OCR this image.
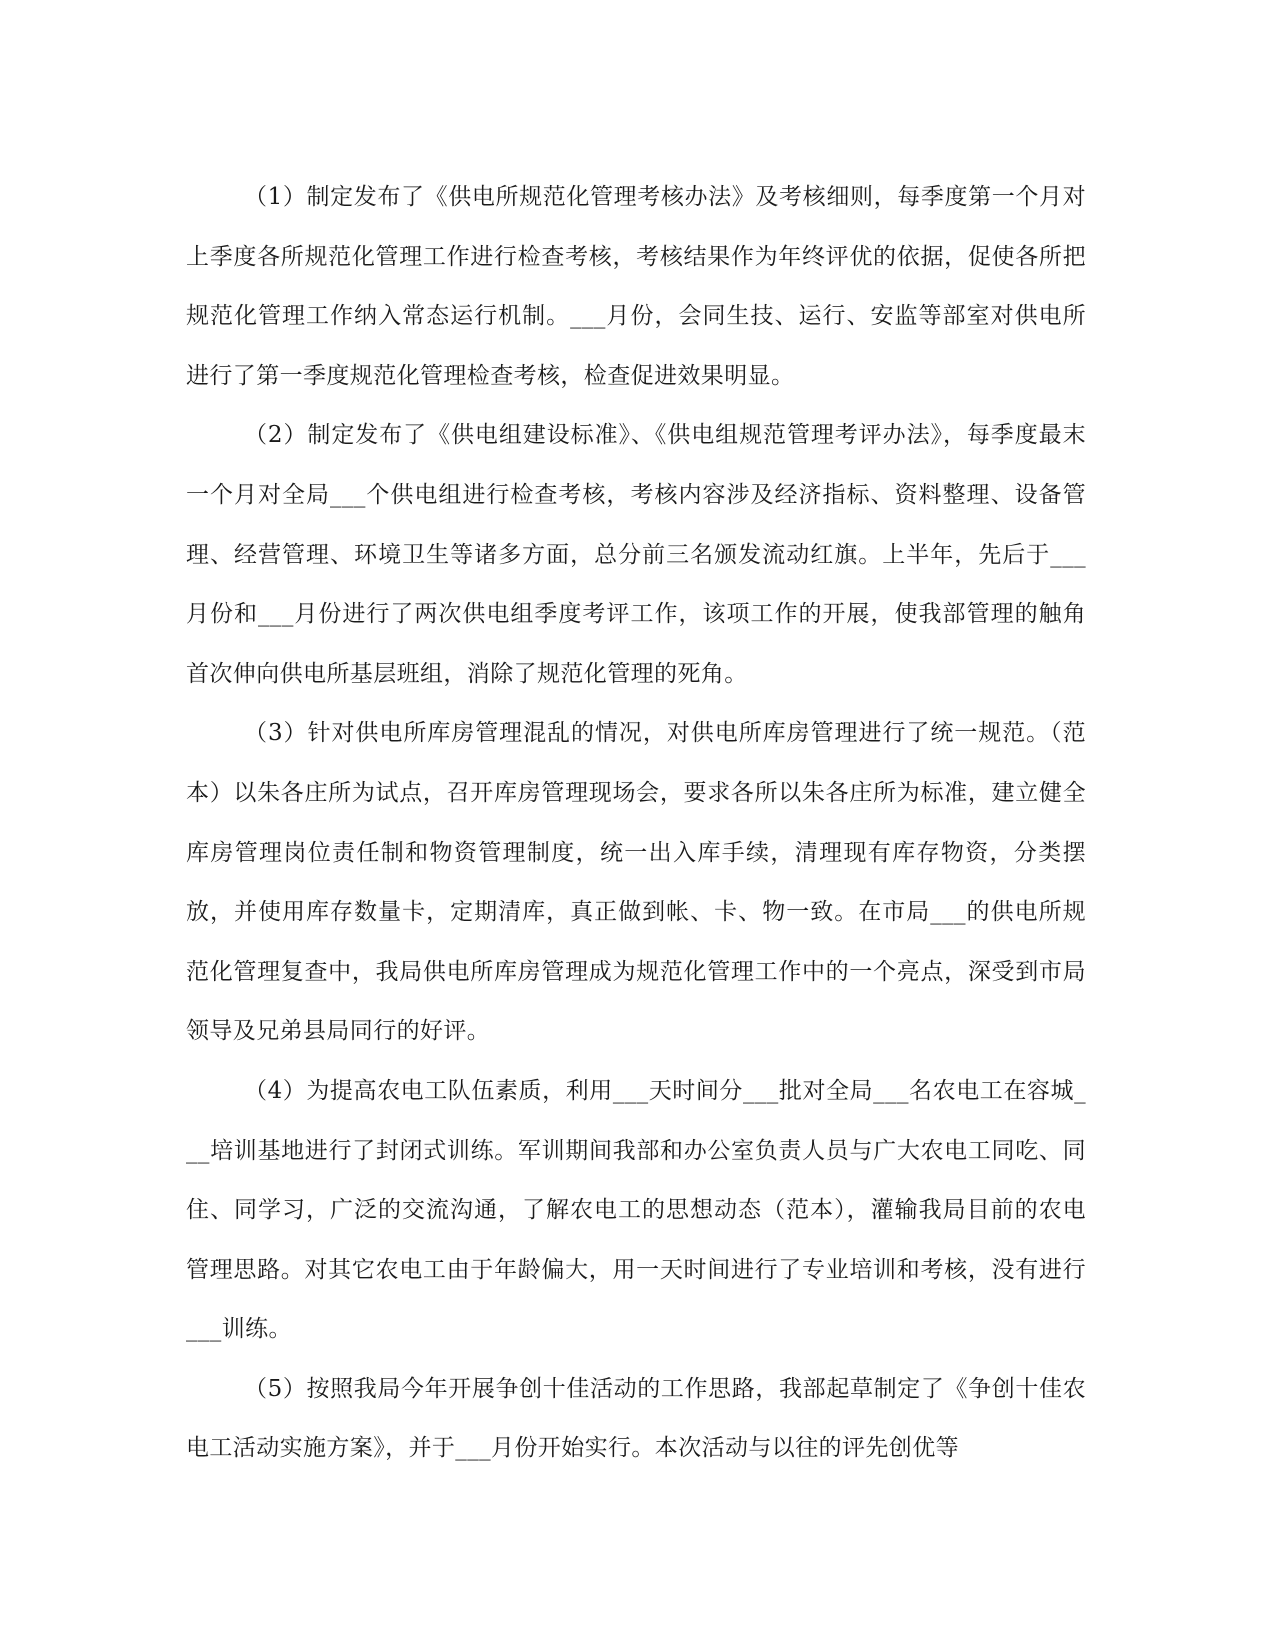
（1）制定发布了《供电所规范化管理考核办法》及考核细则，每季度第一个月对上季度各所规范化管理工作进行检查考核，考核结果作为年终评优的依据，促使各所把规范化管理工作纳入常态运行机制。___月份，会同生技、运行、安监等部室对供电所进行了第一季度规范化管理检查考核，检查促进效果明显。

（2）制定发布了《供电组建设标准》、《供电组规范管理考评办法》，每季度最末一个月对全局___个供电组进行检查考核，考核内容涉及经济指标、资料整理、设备管理、经营管理、环境卫生等诸多方面，总分前三名颁发流动红旗。上半年，先后于___月份和___月份进行了两次供电组季度考评工作，该项工作的开展，使我部管理的触角首次伸向供电所基层班组，消除了规范化管理的死角。

（3）针对供电所库房管理混乱的情况，对供电所库房管理进行了统一规范。（范本）以朱各庄所为试点，召开库房管理现场会，要求各所以朱各庄所为标准，建立健全库房管理岗位责任制和物资管理制度，统一出入库手续，清理现有库存物资，分类摆放，并使用库存数量卡，定期清库，真正做到帐、卡、物一致。在市局___的供电所规范化管理复查中，我局供电所库房管理成为规范化管理工作中的一个亮点，深受到市局领导及兄弟县局同行的好评。

（4）为提高农电工队伍素质，利用___天时间分___批对全局___名农电工在容城___培训基地进行了封闭式训练。军训期间我部和办公室负责人员与广大农电工同吃、同住、同学习，广泛的交流沟通，了解农电工的思想动态（范本），灌输我局目前的农电管理思路。对其它农电工由于年龄偏大，用一天时间进行了专业培训和考核，没有进行___训练。

（5）按照我局今年开展争创十佳活动的工作思路，我部起草制定了《争创十佳农电工活动实施方案》，并于___月份开始实行。本次活动与以往的评先创优等
